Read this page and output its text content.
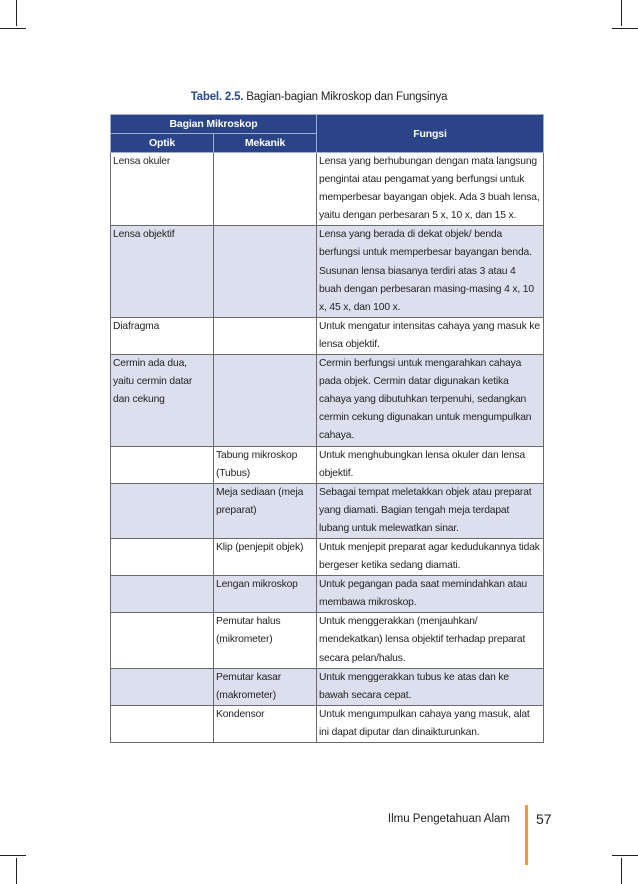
Tabel. 2.5. Bagian-bagian Mikroskop dan Fungsinya
Bagian Mikroskop		Fungsi
Optik	Mekanik	
Lensa okuler		Lensa yang berhubungan dengan mata langsung pengintai atau pengamat yang berfungsi untuk memperbesar bayangan objek. Ada 3 buah lensa, yaitu dengan perbesaran 5 x, 10 x, dan 15 x.
Lensa objektif		Lensa yang berada di dekat objek/ benda berfungsi untuk memperbesar bayangan benda. Susunan lensa biasanya terdiri atas 3 atau 4 buah dengan perbesaran masing-masing 4 x, 10 x, 45 x, dan 100 x.
Diafragma		Untuk mengatur intensitas cahaya yang masuk ke lensa objektif.
Cermin ada dua, yaitu cermin datar dan cekung		Cermin berfungsi untuk mengarahkan cahaya pada objek. Cermin datar digunakan ketika cahaya yang dibutuhkan terpenuhi, sedangkan cermin cekung digunakan untuk mengumpulkan cahaya.
	Tabung mikroskop (Tubus)	Untuk menghubungkan lensa okuler dan lensa objektif.
	Meja sediaan (meja preparat)	Sebagai tempat meletakkan objek atau preparat yang diamati. Bagian tengah meja terdapat lubang untuk melewatkan sinar.
	Klip (penjepit objek)	Untuk menjepit preparat agar kedudukannya tidak bergeser ketika sedang diamati.
	Lengan mikroskop	Untuk pegangan pada saat memindahkan atau membawa mikroskop.
	Pemutar halus (mikrometer)	Untuk menggerakkan (menjauhkan/ mendekatkan) lensa objektif terhadap preparat secara pelan/halus.
	Pemutar kasar (makrometer)	Untuk menggerakkan tubus ke atas dan ke bawah secara cepat.
	Kondensor	Untuk mengumpulkan cahaya yang masuk, alat ini dapat diputar dan dinaikturunkan.
Ilmu Pengetahuan Alam 57
